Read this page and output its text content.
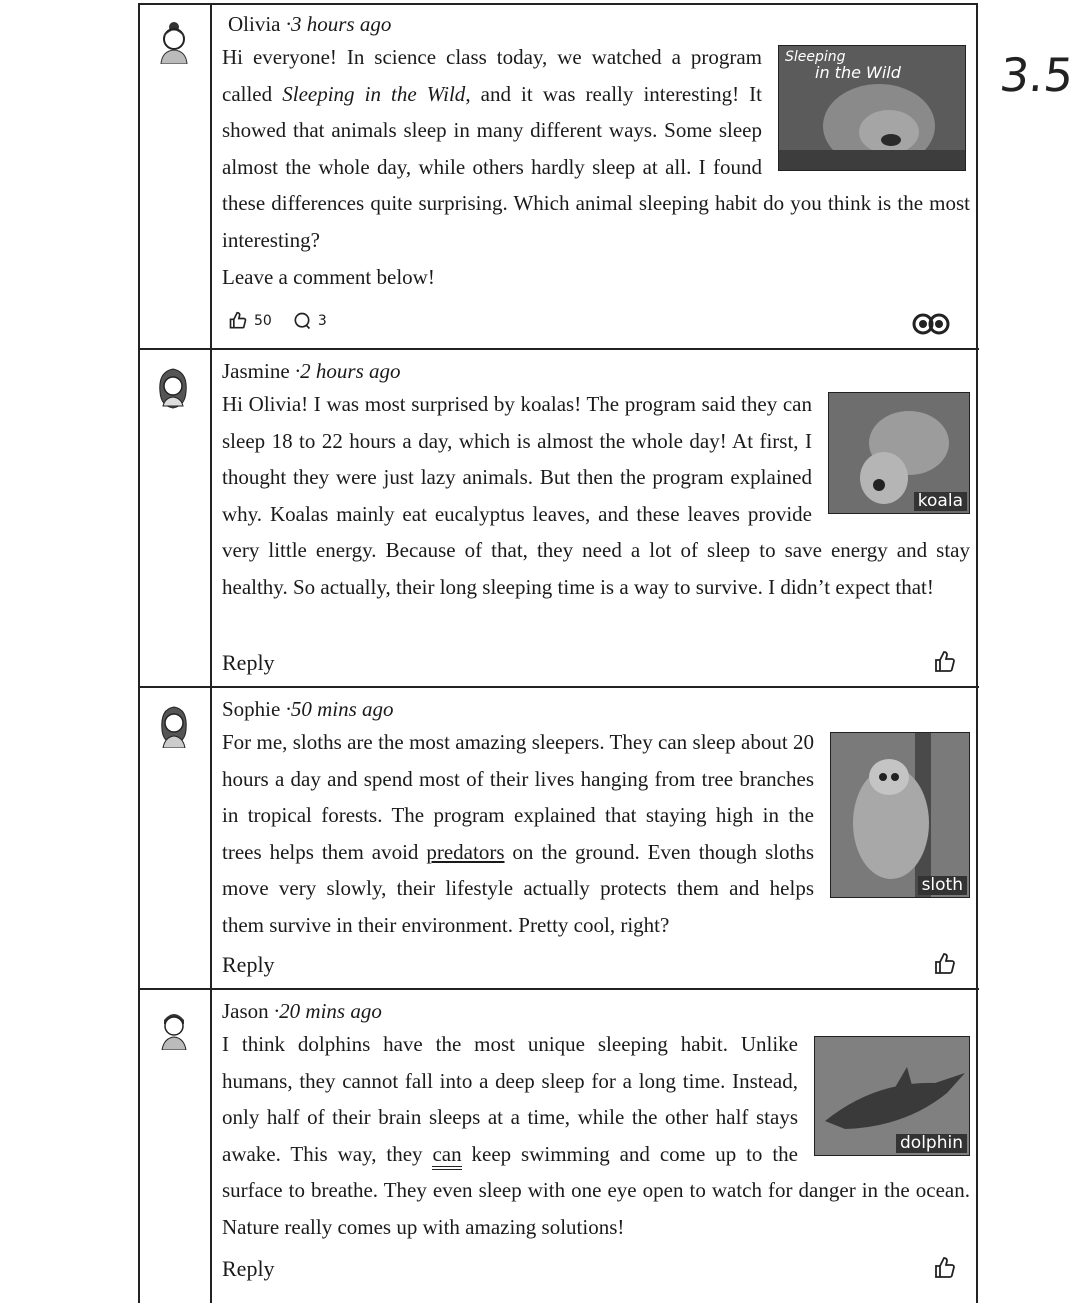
3.5
Olivia ·3 hours ago
Sleeping
in the Wild

Hi everyone! In science class today, we watched a program called Sleeping in the Wild, and it was really interesting! It showed that animals sleep in many different ways. Some sleep almost the whole day, while others hardly sleep at all. I found these differences quite surprising. Which animal sleeping habit do you think is the most interesting?

Leave a comment below!

50	3
Jasmine ·2 hours ago
koala

Hi Olivia! I was most surprised by koalas! The program said they can sleep 18 to 22 hours a day, which is almost the whole day! At first, I thought they were just lazy animals. But then the program explained why. Koalas mainly eat eucalyptus leaves, and these leaves provide very little energy. Because of that, they need a lot of sleep to save energy and stay healthy. So actually, their long sleeping time is a way to survive. I didn’t expect that!

Reply
Sophie ·50 mins ago
sloth

For me, sloths are the most amazing sleepers. They can sleep about 20 hours a day and spend most of their lives hanging from tree branches in tropical forests. The program explained that staying high in the trees helps them avoid predators on the ground. Even though sloths move very slowly, their lifestyle actually protects them and helps them survive in their environment. Pretty cool, right?

Reply
Jason ·20 mins ago
dolphin

I think dolphins have the most unique sleeping habit. Unlike humans, they cannot fall into a deep sleep for a long time. Instead, only half of their brain sleeps at a time, while the other half stays awake. This way, they can keep swimming and come up to the surface to breathe. They even sleep with one eye open to watch for danger in the ocean. Nature really comes up with amazing solutions!

Reply
